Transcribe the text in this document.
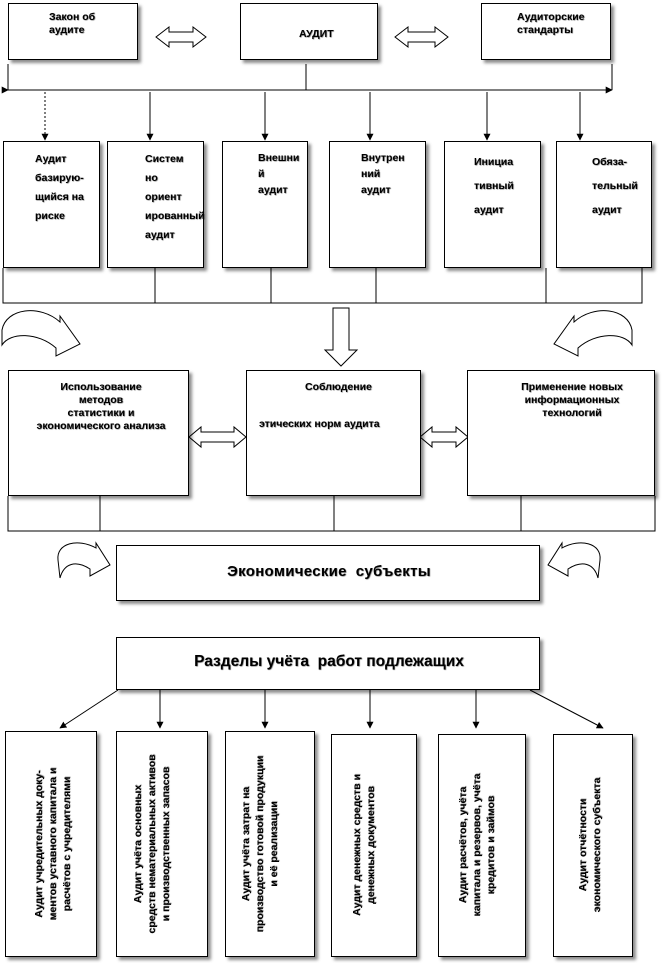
Закон об
аудите	АУДИТ
Аудиторские
стандарты
Аудит
базирую-
щийся на
риске
Систем
но
ориент
ированный
аудит
Внешни
й
аудит
Внутрен
ний
аудит
Инициа
тивный
аудит
Обяза-
тельный
аудит
Использование
методов
статистики и
экономического анализа
Соблюдение
этических норм аудита
Применение новых
информационных
технологий
Экономические  субъекты
Разделы учёта  работ подлежащих
Аудит учредительных доку-
ментов уставного капитала и
расчётов с учредителями
Аудит учёта основных
средств нематериальных активов
и производственных запасов
Аудит учёта затрат на
производство готовой продукции
и её реализации
Аудит денежных средств и
денежных документов
Аудит расчётов, учёта
капитала и резервов, учёта
кредитов и займов
Аудит отчётности
экономического субъекта
